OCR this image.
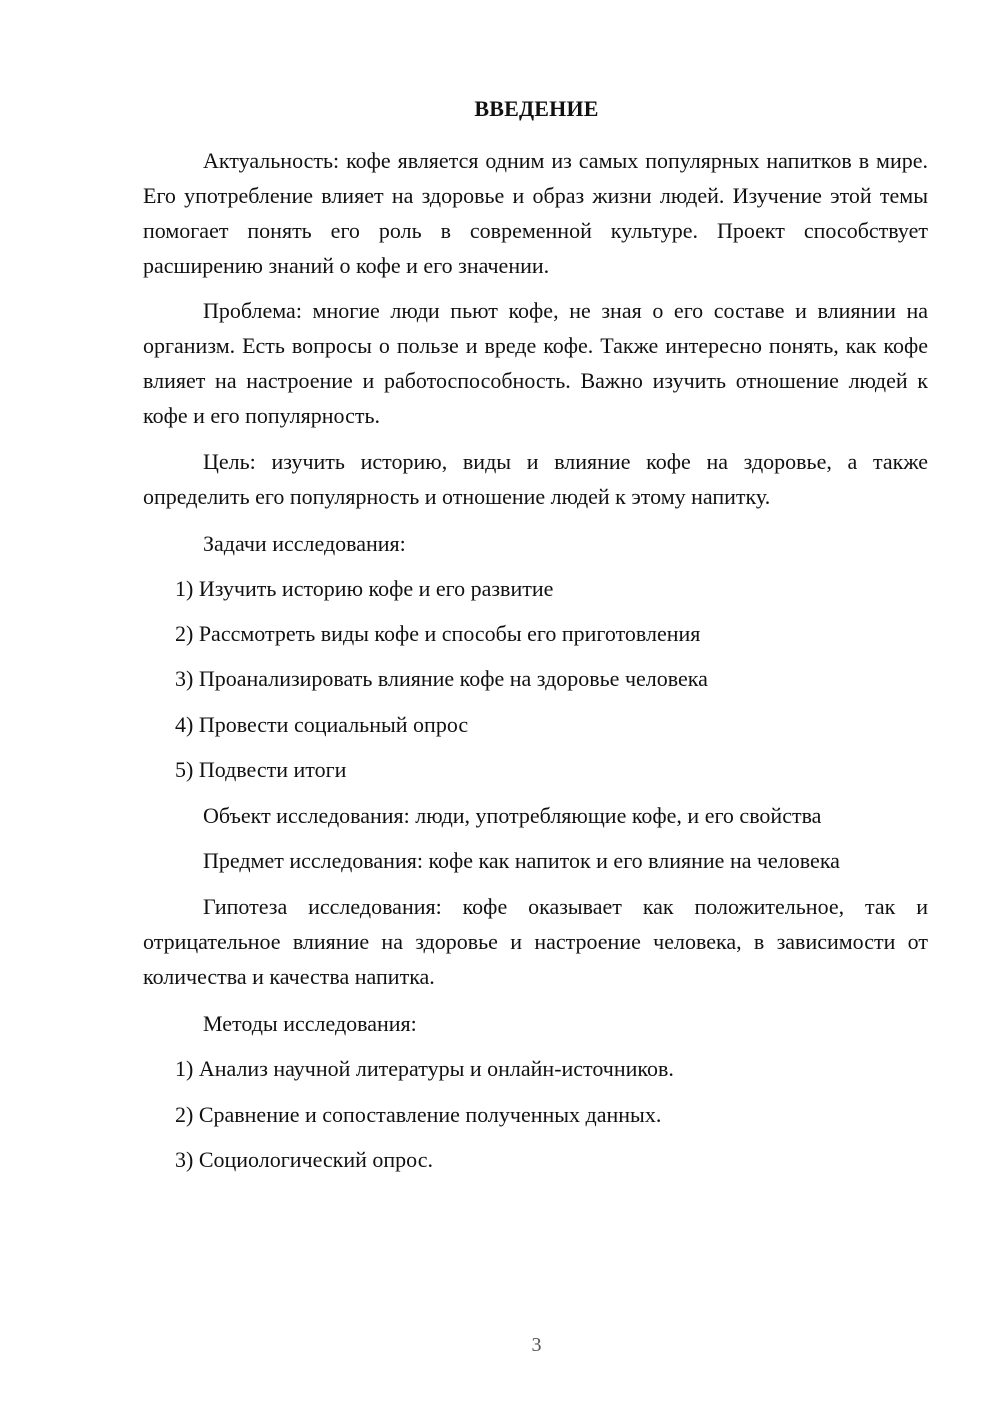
ВВЕДЕНИЕ
Актуальность: кофе является одним из самых популярных напитков в мире. Его употребление влияет на здоровье и образ жизни людей. Изучение этой темы помогает понять его роль в современной культуре. Проект способствует расширению знаний о кофе и его значении.
Проблема: многие люди пьют кофе, не зная о его составе и влиянии на организм. Есть вопросы о пользе и вреде кофе. Также интересно понять, как кофе влияет на настроение и работоспособность. Важно изучить отношение людей к кофе и его популярность.
Цель: изучить историю, виды и влияние кофе на здоровье, а также определить его популярность и отношение людей к этому напитку.
Задачи исследования:
1) Изучить историю кофе и его развитие
2) Рассмотреть виды кофе и способы его приготовления
3) Проанализировать влияние кофе на здоровье человека
4) Провести социальный опрос
5) Подвести итоги
Объект исследования: люди, употребляющие кофе, и его свойства
Предмет исследования: кофе как напиток и его влияние на человека
Гипотеза исследования: кофе оказывает как положительное, так и отрицательное влияние на здоровье и настроение человека, в зависимости от количества и качества напитка.
Методы исследования:
1) Анализ научной литературы и онлайн-источников.
2) Сравнение и сопоставление полученных данных.
3) Социологический опрос.
3
